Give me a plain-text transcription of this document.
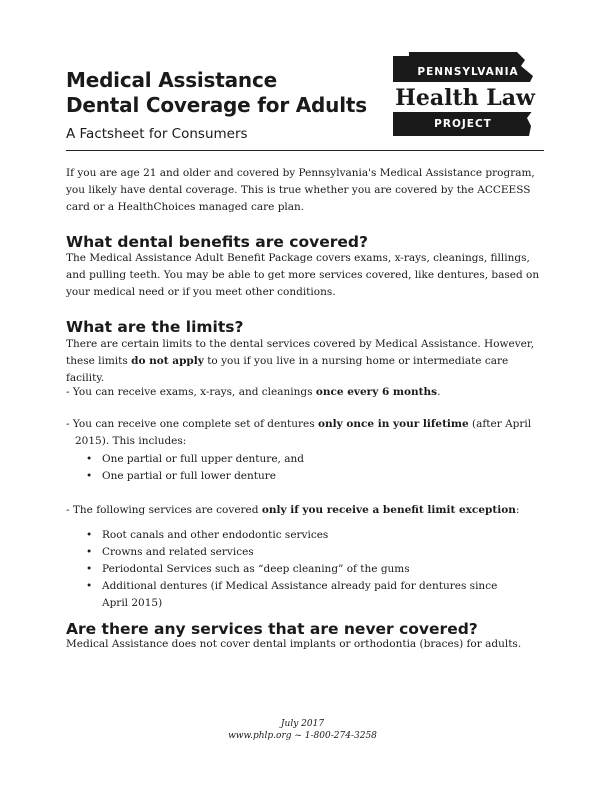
Medical Assistance
Dental Coverage for Adults
A Factsheet for Consumers
PENNSYLVANIA
Health Law
PROJECT
If you are age 21 and older and covered by Pennsylvania's Medical Assistance program, you likely have dental coverage. This is true whether you are covered by the ACCEESS card or a HealthChoices managed care plan.
What dental benefits are covered?
The Medical Assistance Adult Benefit Package covers exams, x-rays, cleanings, fillings, and pulling teeth. You may be able to get more services covered, like dentures, based on your medical need or if you meet other conditions.
What are the limits?
There are certain limits to the dental services covered by Medical Assistance. However, these limits do not apply to you if you live in a nursing home or intermediate care facility.
- You can receive exams, x-rays, and cleanings once every 6 months.
- You can receive one complete set of dentures only once in your lifetime (after April
2015). This includes:
• One partial or full upper denture, and
• One partial or full lower denture
- The following services are covered only if you receive a benefit limit exception:
• Root canals and other endodontic services
• Crowns and related services
• Periodontal Services such as “deep cleaning” of the gums
• Additional dentures (if Medical Assistance already paid for dentures since April 2015)
Are there any services that are never covered?
Medical Assistance does not cover dental implants or orthodontia (braces) for adults.
July 2017
www.phlp.org ~ 1-800-274-3258
